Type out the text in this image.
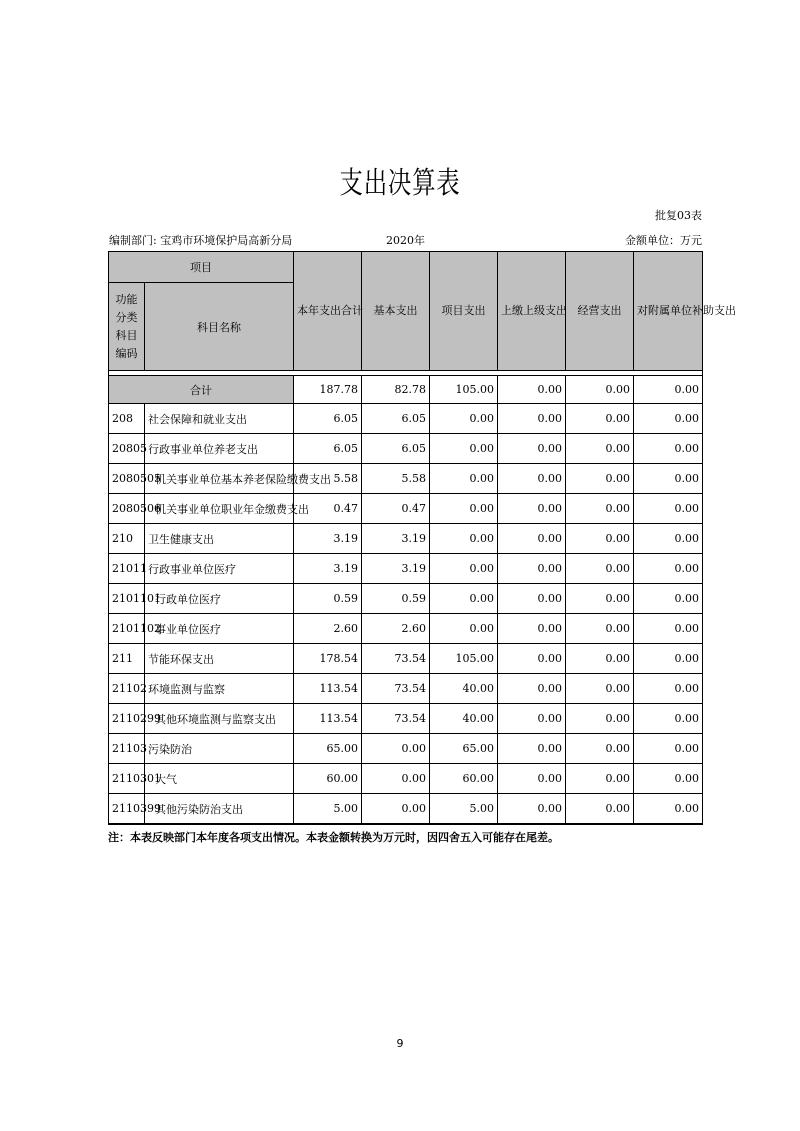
支出决算表
批复03表
编制部门: 宝鸡市环境保护局高新分局	2020年	金额单位：万元
项目		本年支出合计	基本支出	项目支出	上缴上级支出	经营支出	对附属单位补助支出
功能分类科目编码	科目名称						

合计		187.78	82.78	105.00	0.00	0.00	0.00
208	社会保障和就业支出	6.05	6.05	0.00	0.00	0.00	0.00
20805	行政事业单位养老支出	6.05	6.05	0.00	0.00	0.00	0.00
2080505	机关事业单位基本养老保险缴费支出	5.58	5.58	0.00	0.00	0.00	0.00
2080506	机关事业单位职业年金缴费支出	0.47	0.47	0.00	0.00	0.00	0.00
210	卫生健康支出	3.19	3.19	0.00	0.00	0.00	0.00
21011	行政事业单位医疗	3.19	3.19	0.00	0.00	0.00	0.00
2101101	行政单位医疗	0.59	0.59	0.00	0.00	0.00	0.00
2101102	事业单位医疗	2.60	2.60	0.00	0.00	0.00	0.00
211	节能环保支出	178.54	73.54	105.00	0.00	0.00	0.00
21102	环境监测与监察	113.54	73.54	40.00	0.00	0.00	0.00
2110299	其他环境监测与监察支出	113.54	73.54	40.00	0.00	0.00	0.00
21103	污染防治	65.00	0.00	65.00	0.00	0.00	0.00
2110301	大气	60.00	0.00	60.00	0.00	0.00	0.00
2110399	其他污染防治支出	5.00	0.00	5.00	0.00	0.00	0.00
注：本表反映部门本年度各项支出情况。本表金额转换为万元时，因四舍五入可能存在尾差。
9
